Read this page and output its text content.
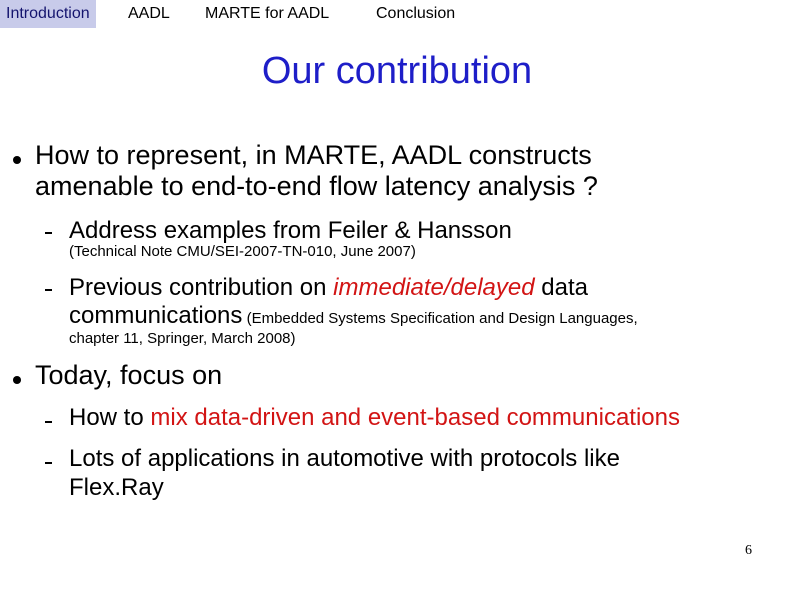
Introduction	AADL	MARTE for AADL	Conclusion
Our contribution
How to represent, in MARTE, AADL constructs
amenable to end-to-end flow latency analysis ?
Address examples from Feiler & Hansson
(Technical Note CMU/SEI-2007-TN-010, June 2007)
Previous contribution on immediate/delayed data
communications (Embedded Systems Specification and Design Languages,
chapter 11, Springer, March 2008)
Today, focus on
How to mix data-driven and event-based communications
Lots of applications in automotive with protocols like
Flex.Ray
6
